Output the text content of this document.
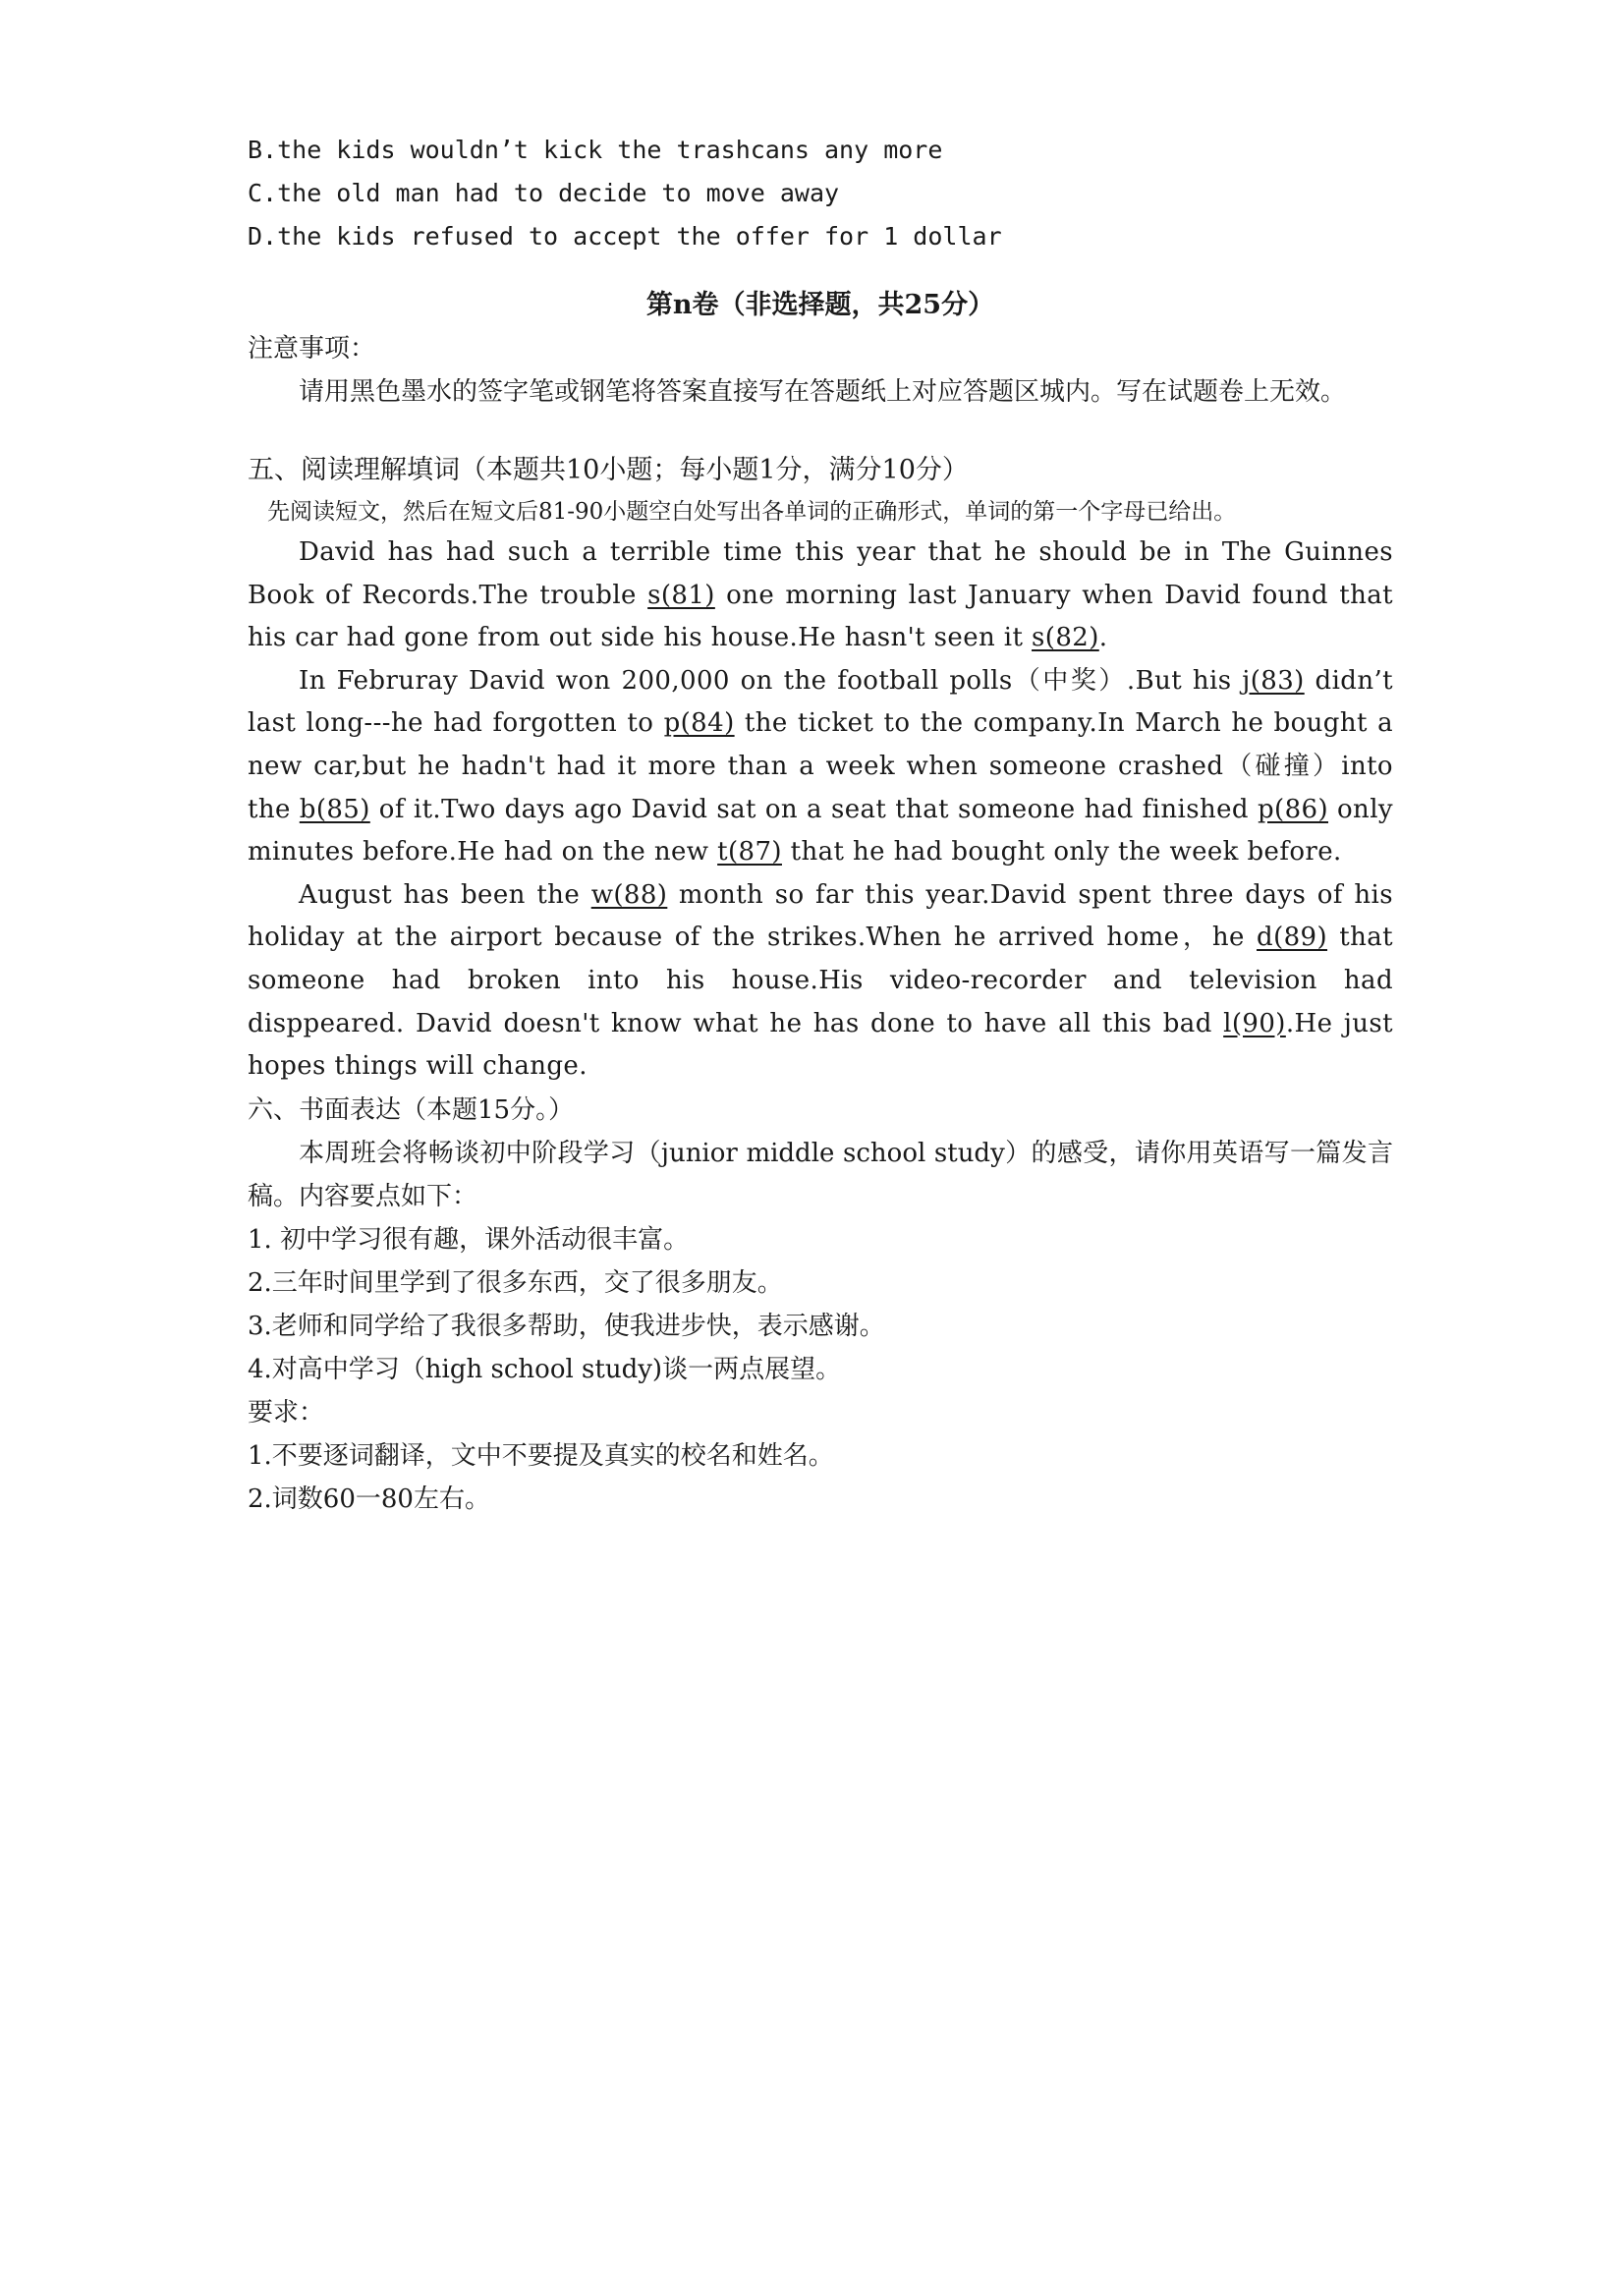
B.the kids wouldn’t kick the trashcans any more

C.the old man had to decide to move away

D.the kids refused to accept the offer for 1 dollar

第n卷（非选择题，共25分）

注意事项：

请用黑色墨水的签字笔或钢笔将答案直接写在答题纸上对应答题区城内。写在试题卷上无效。

五、阅读理解填词（本题共10小题；每小题1分，满分10分）

先阅读短文，然后在短文后81-90小题空白处写出各单词的正确形式，单词的第一个字母已给出。

David has had such a terrible time this year that he should be in The Guinnes Book of Records.The trouble s(81) one morning last January when David found that his car had gone from out side his house.He hasn't seen it s(82).

In Februray David won 200,000 on the football polls（中奖）.But his j(83) didn’t last long---he had forgotten to p(84) the ticket to the company.In March he bought a new car,but he hadn't had it more than a week when someone crashed（碰撞）into the b(85) of it.Two days ago David sat on a seat that someone had finished p(86) only minutes before.He had on the new t(87) that he had bought only the week before.

August has been the w(88) month so far this year.David spent three days of his holiday at the airport because of the strikes.When he arrived home，he d(89) that someone had broken into his house.His video-recorder and television had disppeared. David doesn't know what he has done to have all this bad l(90).He just hopes things will change.

六、书面表达（本题15分。）

本周班会将畅谈初中阶段学习（junior middle school study）的感受，请你用英语写一篇发言稿。内容要点如下：

1. 初中学习很有趣，课外活动很丰富。

2.三年时间里学到了很多东西，交了很多朋友。

3.老师和同学给了我很多帮助，使我进步快，表示感谢。

4.对高中学习（high school study)谈一两点展望。

要求：

1.不要逐词翻译，文中不要提及真实的校名和姓名。

2.词数60一80左右。
